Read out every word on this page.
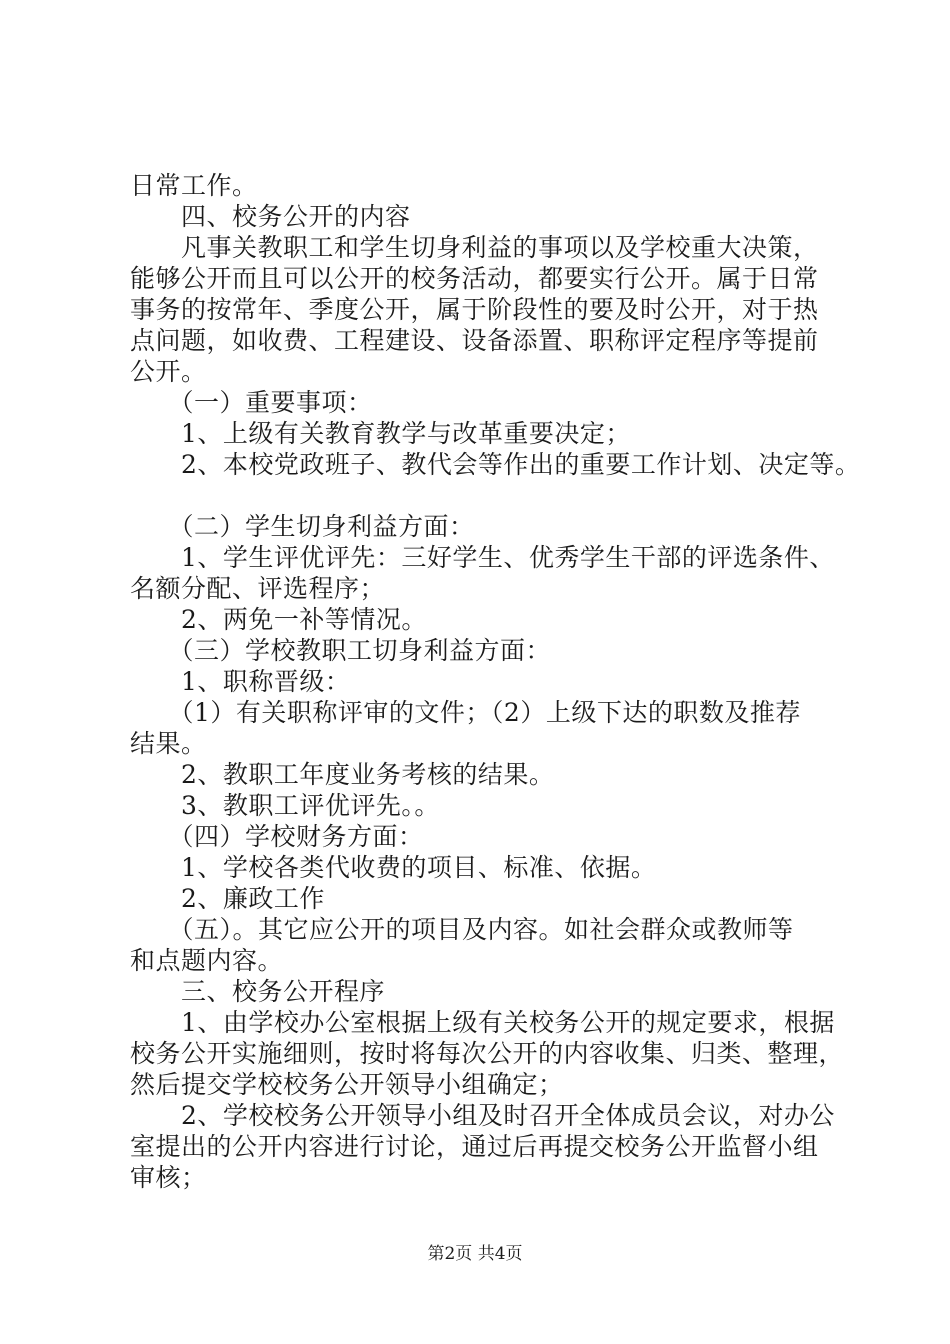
日常工作。
　　四、校务公开的内容
　　凡事关教职工和学生切身利益的事项以及学校重大决策，
能够公开而且可以公开的校务活动，都要实行公开。属于日常
事务的按常年、季度公开，属于阶段性的要及时公开，对于热
点问题，如收费、工程建设、设备添置、职称评定程序等提前
公开。
　　（一）重要事项：
　　1、上级有关教育教学与改革重要决定；
　　2、本校党政班子、教代会等作出的重要工作计划、决定等。
　　（二）学生切身利益方面：
　　1、学生评优评先：三好学生、优秀学生干部的评选条件、
名额分配、评选程序；
　　2、两免一补等情况。
　　（三）学校教职工切身利益方面：
　　1、职称晋级：
　　（1）有关职称评审的文件；（2）上级下达的职数及推荐
结果。
　　2、教职工年度业务考核的结果。
　　3、教职工评优评先。。
　　（四）学校财务方面：
　　1、学校各类代收费的项目、标准、依据。
　　2、廉政工作
　　（五）。其它应公开的项目及内容。如社会群众或教师等
和点题内容。
　　三、校务公开程序
　　1、由学校办公室根据上级有关校务公开的规定要求，根据
校务公开实施细则，按时将每次公开的内容收集、归类、整理，
然后提交学校校务公开领导小组确定；
　　2、学校校务公开领导小组及时召开全体成员会议，对办公
室提出的公开内容进行讨论，通过后再提交校务公开监督小组
审核；
第2页 共4页
